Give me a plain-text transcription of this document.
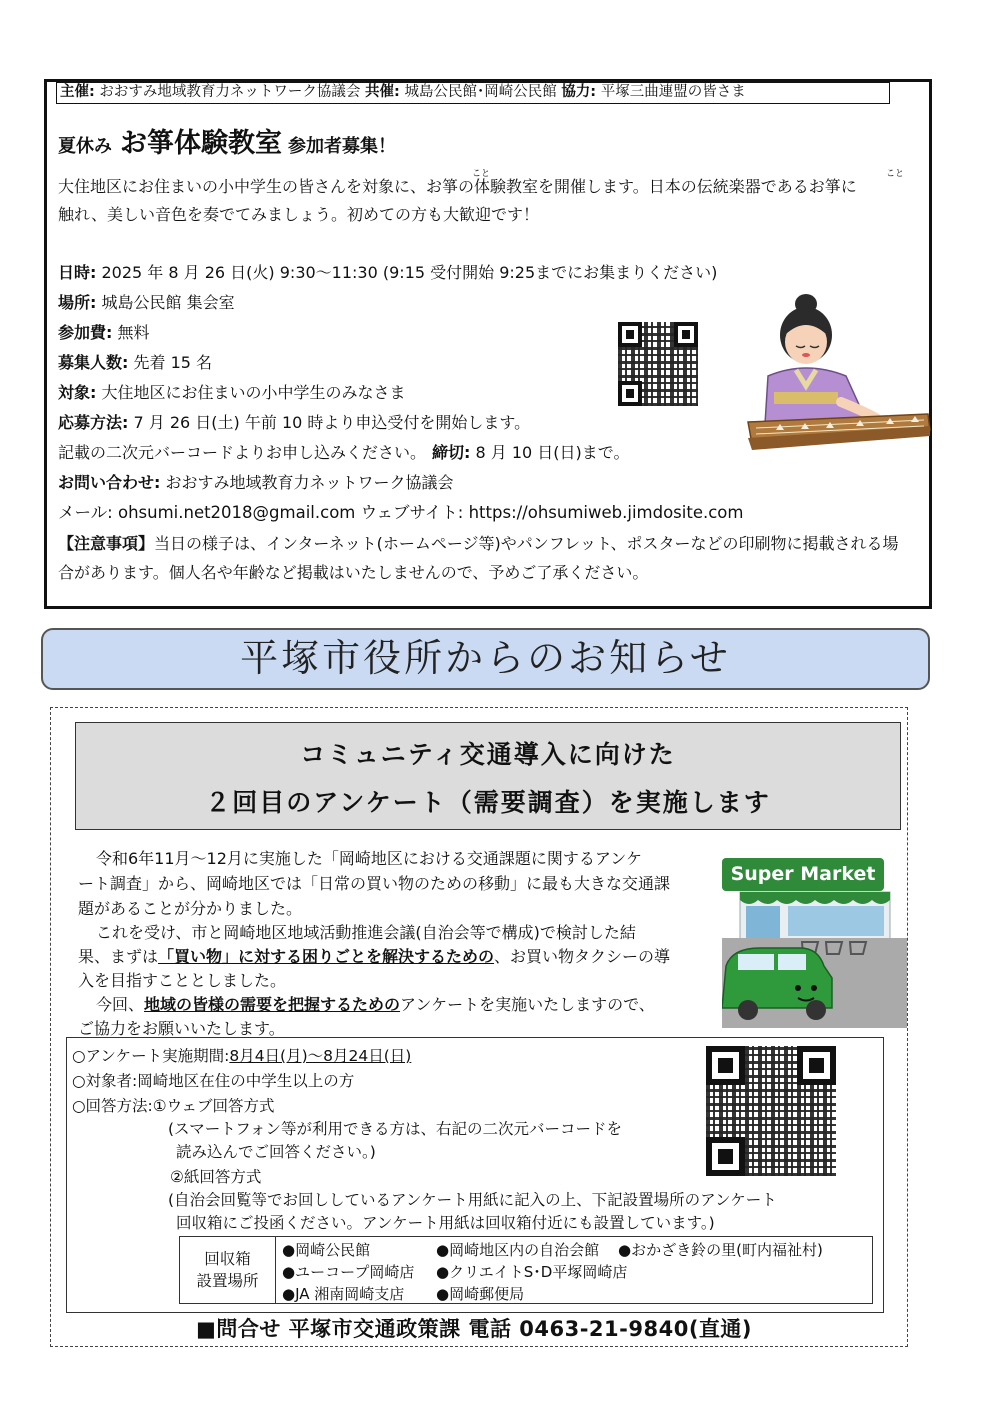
主催: おおすみ地域教育力ネットワーク協議会 共催: 城島公民館･岡崎公民館 協力: 平塚三曲連盟の皆さま
夏休み お箏体験教室 参加者募集！
こと	こと
大住地区にお住まいの小中学生の皆さんを対象に、お箏の体験教室を開催します。日本の伝統楽器であるお箏に
触れ、美しい音色を奏でてみましょう。初めての方も大歓迎です！
日時: 2025 年 8 月 26 日(火) 9:30～11:30 (9:15 受付開始 9:25までにお集まりください)
場所: 城島公民館 集会室
参加費: 無料
募集人数: 先着 15 名
対象: 大住地区にお住まいの小中学生のみなさま
応募方法: 7 月 26 日(土) 午前 10 時より申込受付を開始します。
記載の二次元バーコードよりお申し込みください。 締切: 8 月 10 日(日)まで。
お問い合わせ: おおすみ地域教育力ネットワーク協議会
メール: ohsumi.net2018@gmail.com ウェブサイト: https://ohsumiweb.jimdosite.com
【注意事項】当日の様子は、インターネット(ホームページ等)やパンフレット、ポスターなどの印刷物に掲載される場
合があります。個人名や年齢など掲載はいたしませんので、予めご了承ください。
平塚市役所からのお知らせ
コミュニティ交通導入に向けた
２回目のアンケート（需要調査）を実施します
令和6年11月～12月に実施した「岡崎地区における交通課題に関するアンケ
ート調査」から、岡崎地区では「日常の買い物のための移動」に最も大きな交通課
題があることが分かりました。
これを受け、市と岡崎地区地域活動推進会議(自治会等で構成)で検討した結
果、まずは「買い物」に対する困りごとを解決するための、お買い物タクシーの導
入を目指すこととしました。
今回、地域の皆様の需要を把握するためのアンケートを実施いたしますので、
ご協力をお願いいたします。
Super Market
○アンケート実施期間:8月4日(月)～8月24日(日)
○対象者:岡崎地区在住の中学生以上の方
○回答方法:①ウェブ回答方式
(スマートフォン等が利用できる方は、右記の二次元バーコードを
読み込んでご回答ください。)
②紙回答方式
(自治会回覧等でお回ししているアンケート用紙に記入の上、下記設置場所のアンケート
回収箱にご投函ください。アンケート用紙は回収箱付近にも設置しています。)
回収箱
設置場所
●岡崎公民館	●岡崎地区内の自治会館 ●おかざき鈴の里(町内福祉村)
●ユーコープ岡崎店 ●クリエイトS･D平塚岡崎店
●JA 湘南岡崎支店 ●岡崎郵便局
■問合せ 平塚市交通政策課 電話 0463-21-9840(直通)
